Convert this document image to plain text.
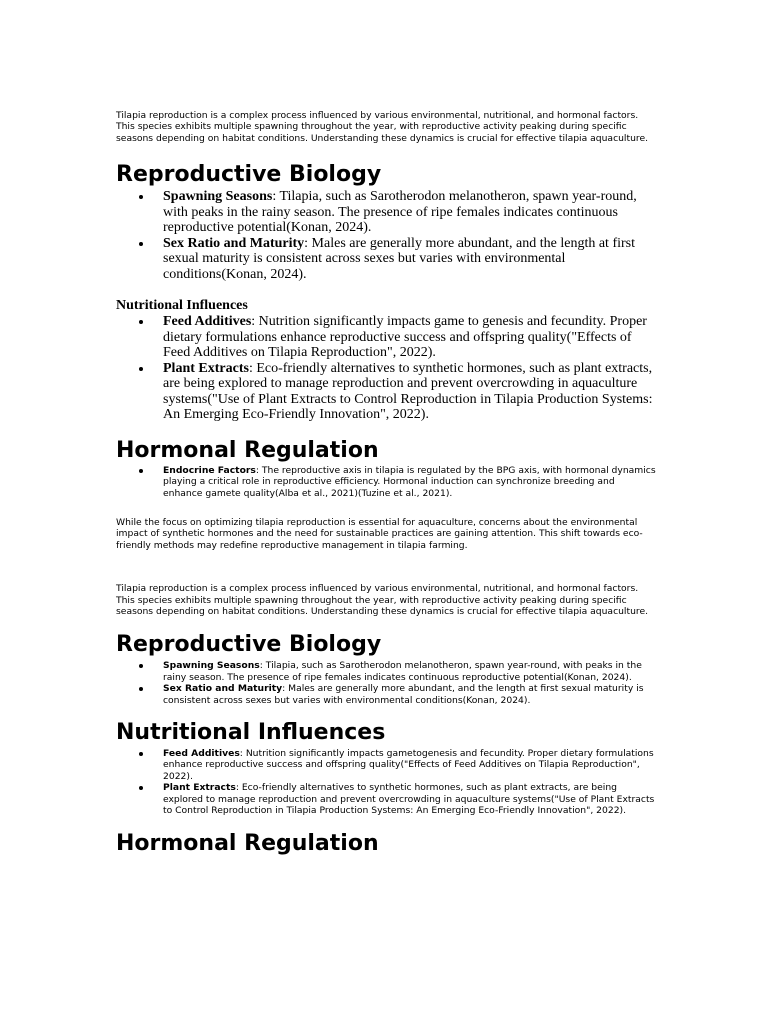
Tilapia reproduction is a complex process influenced by various environmental, nutritional, and hormonal factors. This species exhibits multiple spawning throughout the year, with reproductive activity peaking during specific seasons depending on habitat conditions. Understanding these dynamics is crucial for effective tilapia aquaculture.

Reproductive Biology
Spawning Seasons: Tilapia, such as Sarotherodon melanotheron, spawn year-round, with peaks in the rainy season. The presence of ripe females indicates continuous reproductive potential(Konan, 2024).
Sex Ratio and Maturity: Males are generally more abundant, and the length at first sexual maturity is consistent across sexes but varies with environmental conditions(Konan, 2024).

Nutritional Influences

Feed Additives: Nutrition significantly impacts game to genesis and fecundity. Proper dietary formulations enhance reproductive success and offspring quality("Effects of Feed Additives on Tilapia Reproduction", 2022).
Plant Extracts: Eco-friendly alternatives to synthetic hormones, such as plant extracts, are being explored to manage reproduction and prevent overcrowding in aquaculture systems("Use of Plant Extracts to Control Reproduction in Tilapia Production Systems: An Emerging Eco-Friendly Innovation", 2022).
Hormonal Regulation
Endocrine Factors: The reproductive axis in tilapia is regulated by the BPG axis, with hormonal dynamics playing a critical role in reproductive efficiency. Hormonal induction can synchronize breeding and enhance gamete quality(Alba et al., 2021)(Tuzine et al., 2021).

While the focus on optimizing tilapia reproduction is essential for aquaculture, concerns about the environmental impact of synthetic hormones and the need for sustainable practices are gaining attention. This shift towards eco-friendly methods may redefine reproductive management in tilapia farming.

Tilapia reproduction is a complex process influenced by various environmental, nutritional, and hormonal factors. This species exhibits multiple spawning throughout the year, with reproductive activity peaking during specific seasons depending on habitat conditions. Understanding these dynamics is crucial for effective tilapia aquaculture.

Reproductive Biology
Spawning Seasons: Tilapia, such as Sarotherodon melanotheron, spawn year-round, with peaks in the rainy season. The presence of ripe females indicates continuous reproductive potential(Konan, 2024).
Sex Ratio and Maturity: Males are generally more abundant, and the length at first sexual maturity is consistent across sexes but varies with environmental conditions(Konan, 2024).
Nutritional Influences
Feed Additives: Nutrition significantly impacts gametogenesis and fecundity. Proper dietary formulations enhance reproductive success and offspring quality("Effects of Feed Additives on Tilapia Reproduction", 2022).
Plant Extracts: Eco-friendly alternatives to synthetic hormones, such as plant extracts, are being explored to manage reproduction and prevent overcrowding in aquaculture systems("Use of Plant Extracts to Control Reproduction in Tilapia Production Systems: An Emerging Eco-Friendly Innovation", 2022).
Hormonal Regulation
